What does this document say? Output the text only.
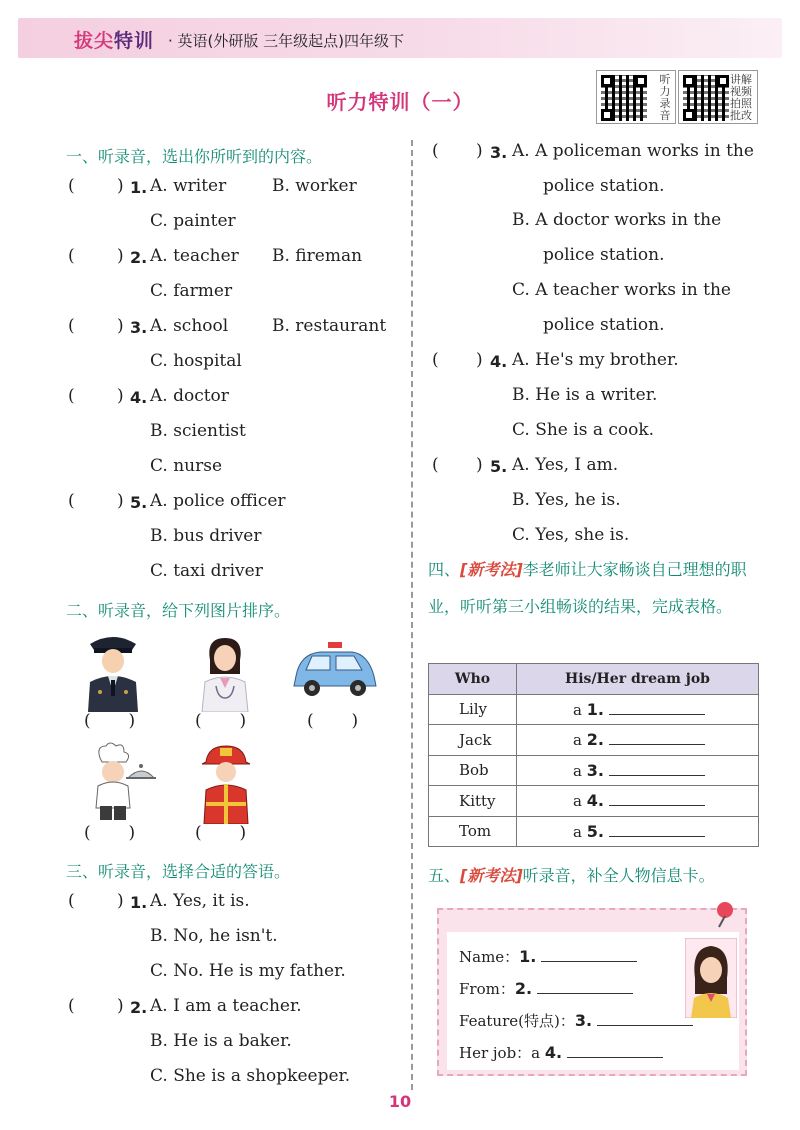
拔尖特训 · 英语(外研版 三年级起点)四年级下
听力特训（一）
听力录音
讲解视频拍照批改
一、听录音，选出你所听到的内容。
( ) 1. A. writer	B. worker
C. painter
( ) 2. A. teacher B. fireman
C. farmer
( ) 3. A. school	B. restaurant
C. hospital
( ) 4. A. doctor
B. scientist
C. nurse
( ) 5. A. police officer
B. bus driver
C. taxi driver
二、听录音，给下列图片排序。
(       )	(       )	(       )
(       )	(       )
三、听录音，选择合适的答语。
( ) 1. A. Yes, it is.
B. No, he isn't.
C. No. He is my father.
( ) 2. A. I am a teacher.
B. He is a baker.
C. She is a shopkeeper.
( ) 3. A. A policeman works in the
police station.
B. A doctor works in the
police station.
C. A teacher works in the
police station.
( ) 4. A. He's my brother.
B. He is a writer.
C. She is a cook.
( ) 5. A. Yes, I am.
B. Yes, he is.
C. Yes, she is.
四、[新考法]李老师让大家畅谈自己理想的职业，听听第三小组畅谈的结果，完成表格。
Who	His/Her dream job
Lily	a 1.
Jack	a 2.
Bob	a 3.
Kitty	a 4.
Tom	a 5.
五、[新考法]听录音，补全人物信息卡。
Name：1.
From：2.
Feature(特点)：3.
Her job：a 4.
10
